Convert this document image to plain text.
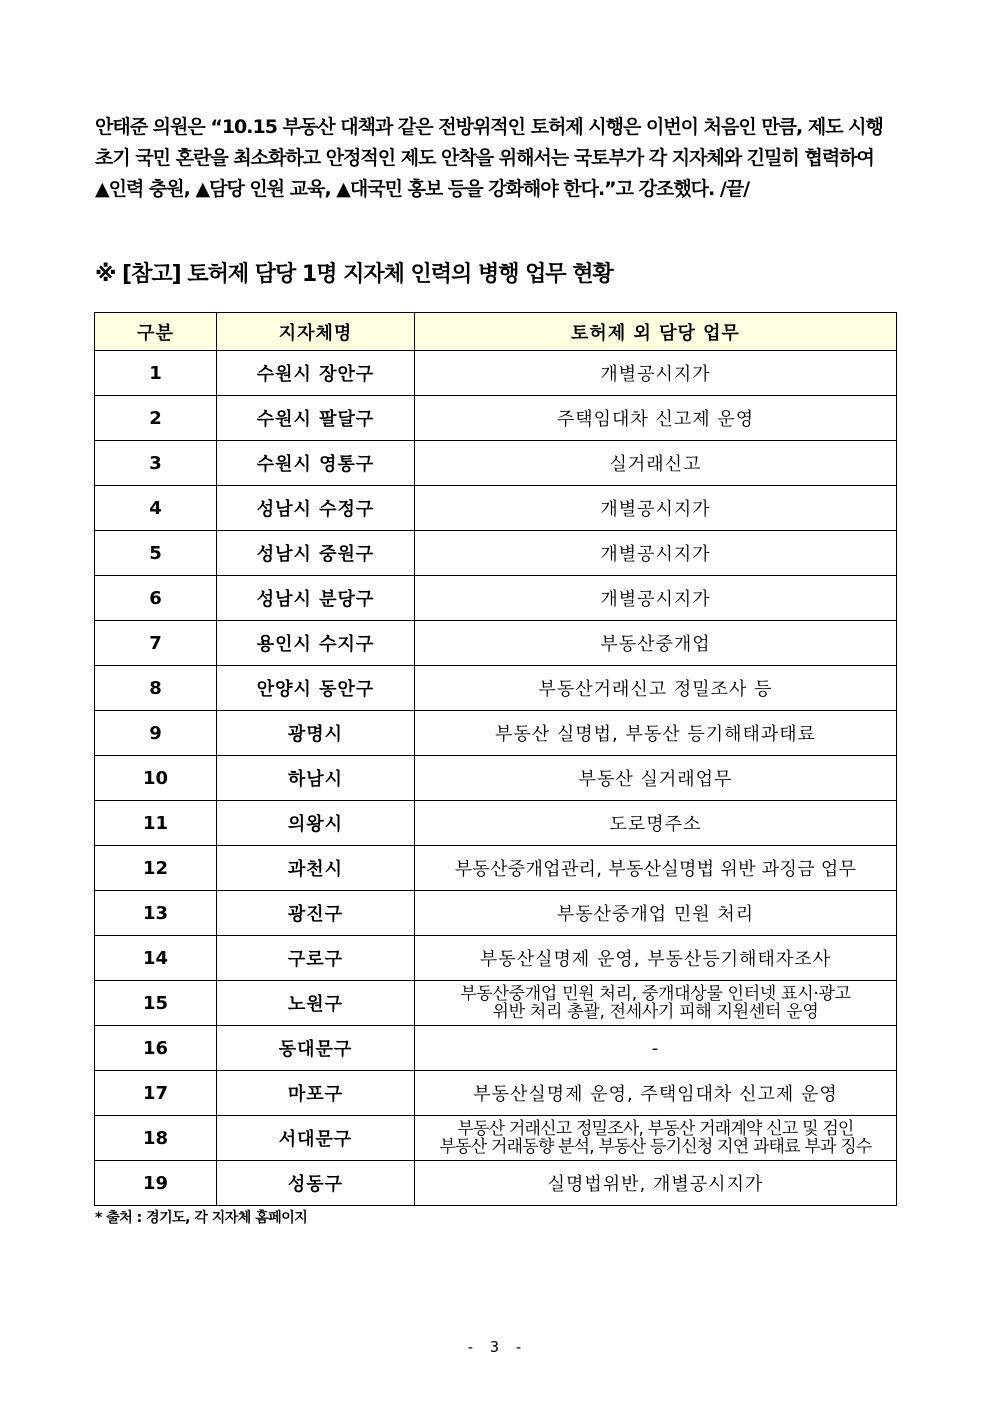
안태준 의원은 “10.15 부동산 대책과 같은 전방위적인 토허제 시행은 이번이 처음인 만큼, 제도 시행
초기 국민 혼란을 최소화하고 안정적인 제도 안착을 위해서는 국토부가 각 지자체와 긴밀히 협력하여
▲인력 충원, ▲담당 인원 교육, ▲대국민 홍보 등을 강화해야 한다.”고 강조했다. /끝/
※ [참고] 토허제 담당 1명 지자체 인력의 병행 업무 현황
구분	지자체명	토허제 외 담당 업무
1	수원시 장안구	개별공시지가
2	수원시 팔달구	주택임대차 신고제 운영
3	수원시 영통구	실거래신고
4	성남시 수정구	개별공시지가
5	성남시 중원구	개별공시지가
6	성남시 분당구	개별공시지가
7	용인시 수지구	부동산중개업
8	안양시 동안구	부동산거래신고 정밀조사 등
9	광명시	부동산 실명법, 부동산 등기해태과태료
10	하남시	부동산 실거래업무
11	의왕시	도로명주소
12	과천시	부동산중개업관리, 부동산실명법 위반 과징금 업무
13	광진구	부동산중개업 민원 처리
14	구로구	부동산실명제 운영, 부동산등기해태자조사
15	노원구	부동산중개업 민원 처리, 중개대상물 인터넷 표시·광고
위반 처리 총괄, 전세사기 피해 지원센터 운영

16	동대문구	-
17	마포구	부동산실명제 운영, 주택임대차 신고제 운영
18	서대문구	부동산 거래신고 정밀조사, 부동산 거래계약 신고 및 검인
부동산 거래동향 분석, 부동산 등기신청 지연 과태료 부과 징수

19	성동구	실명법위반, 개별공시지가
* 출처 : 경기도, 각 지자체 홈페이지
- 3 -
